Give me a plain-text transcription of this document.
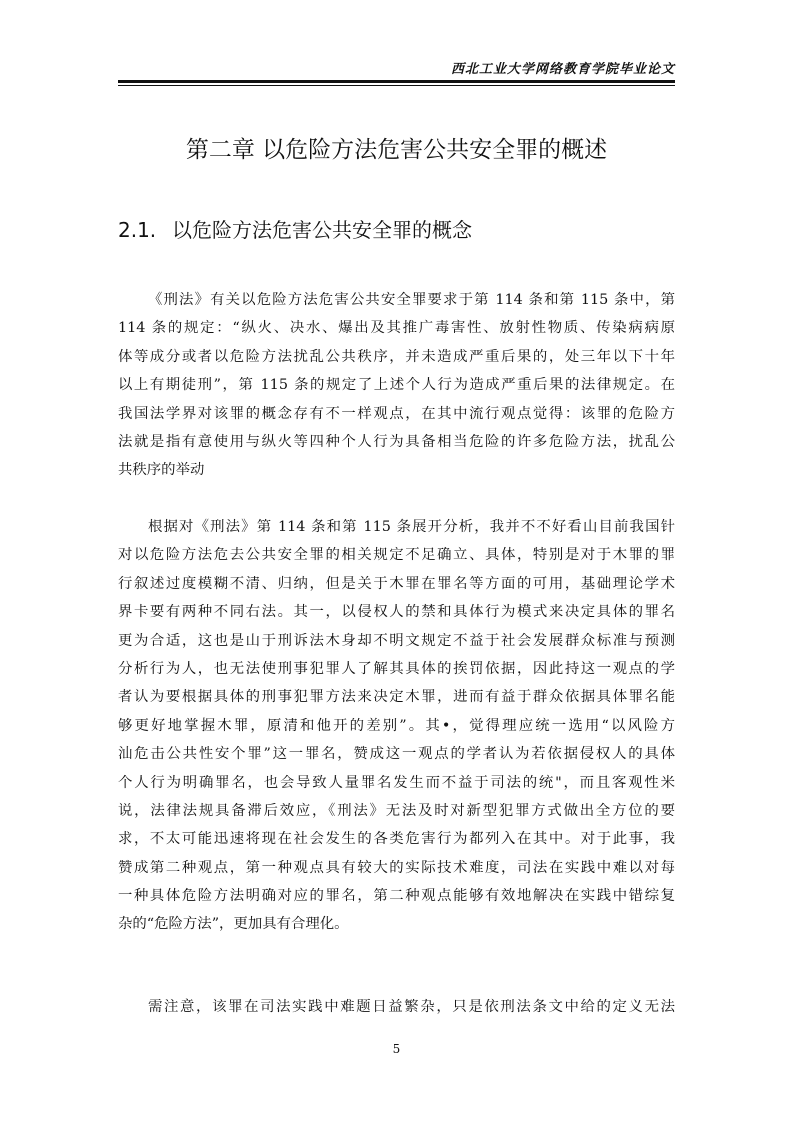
西北工业大学网络教育学院毕业论文
第二章 以危险方法危害公共安全罪的概述
2.1. 以危险方法危害公共安全罪的概念
《刑法》有关以危险方法危害公共安全罪要求于第 114 条和第 115 条中，第
114 条的规定：“纵火、决水、爆出及其推广毒害性、放射性物质、传染病病原
体等成分或者以危险方法扰乱公共秩序，并未造成严重后果的，处三年以下十年
以上有期徒刑”，第 115 条的规定了上述个人行为造成严重后果的法律规定。在
我国法学界对该罪的概念存有不一样观点，在其中流行观点觉得：该罪的危险方
法就是指有意使用与纵火等四种个人行为具备相当危险的许多危险方法，扰乱公
共秩序的举动
根据对《刑法》第 114 条和第 115 条展开分析，我并不不好看山目前我国针
对以危险方法危去公共安全罪的相关规定不足确立、具体，特别是对于木罪的罪
行叙述过度模糊不清、归纳，但是关于木罪在罪名等方面的可用，基础理论学术
界卡要有两种不同右法。其一，以侵权人的禁和具体行为模式来决定具体的罪名
更为合适，这也是山于刑诉法木身却不明文规定不益于社会发展群众标准与预测
分析行为人，也无法使刑事犯罪人了解其具体的挨罚依据，因此持这一观点的学
者认为要根据具体的刑事犯罪方法来决定木罪，进而有益于群众依据具体罪名能
够更好地掌握木罪，原清和他开的差别”。其•，觉得理应统一选用“以风险方
汕危击公共性安个罪”这一罪名，赞成这一观点的学者认为若依据侵权人的具体
个人行为明确罪名，也会导致人量罪名发生而不益于司法的统"，而且客观性米
说，法律法规具备滞后效应，《刑法》无法及时对新型犯罪方式做出全方位的要
求，不太可能迅速将现在社会发生的各类危害行为都列入在其中。对于此事，我
赞成第二种观点，第一种观点具有较大的实际技术难度，司法在实践中难以对每
一种具体危险方法明确对应的罪名，第二种观点能够有效地解决在实践中错综复
杂的“危险方法”，更加具有合理化。
需注意，该罪在司法实践中难题日益繁杂，只是依刑法条文中给的定义无法
5
